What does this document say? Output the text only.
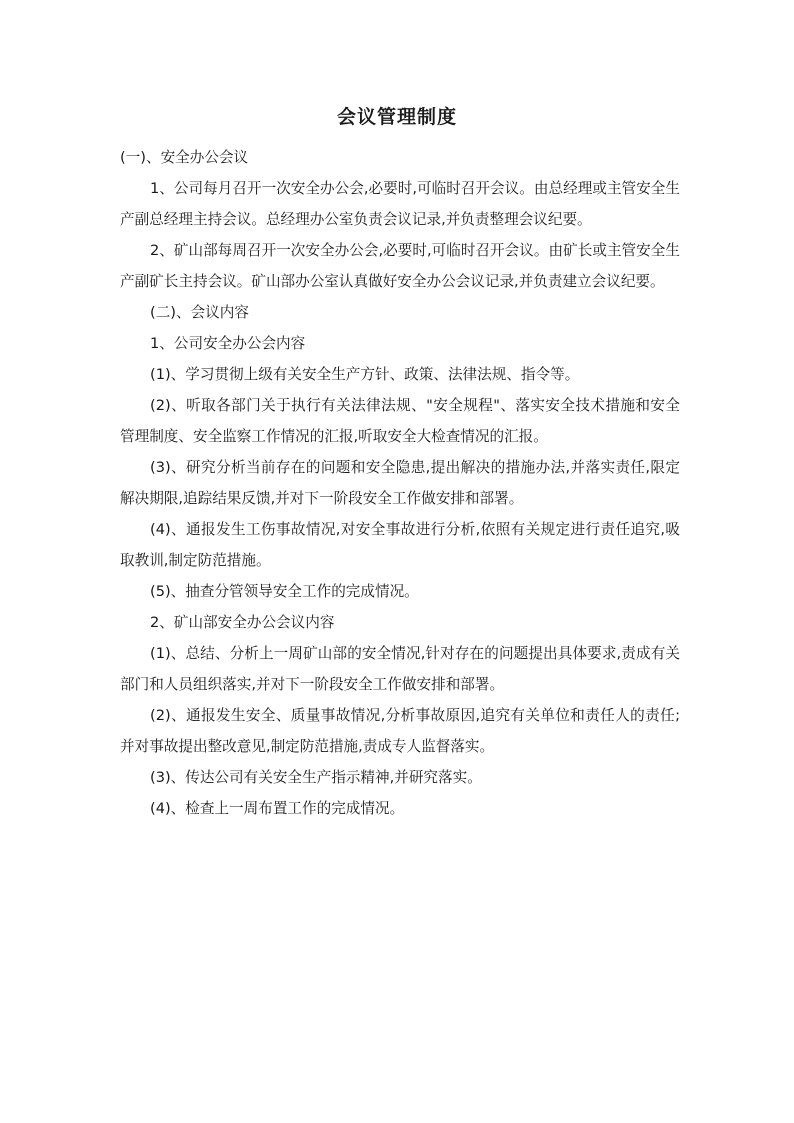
会议管理制度

(一)、安全办公会议

1、公司每月召开一次安全办公会,必要时,可临时召开会议。由总经理或主管安全生产副总经理主持会议。总经理办公室负责会议记录,并负责整理会议纪要。

2、矿山部每周召开一次安全办公会,必要时,可临时召开会议。由矿长或主管安全生产副矿长主持会议。矿山部办公室认真做好安全办公会议记录,并负责建立会议纪要。

(二)、会议内容

1、公司安全办公会内容

(1)、学习贯彻上级有关安全生产方针、政策、法律法规、指令等。

(2)、听取各部门关于执行有关法律法规、"安全规程"、落实安全技术措施和安全管理制度、安全监察工作情况的汇报,听取安全大检查情况的汇报。

(3)、研究分析当前存在的问题和安全隐患,提出解决的措施办法,并落实责任,限定解决期限,追踪结果反馈,并对下一阶段安全工作做安排和部署。

(4)、通报发生工伤事故情况,对安全事故进行分析,依照有关规定进行责任追究,吸取教训,制定防范措施。

(5)、抽查分管领导安全工作的完成情况。

2、矿山部安全办公会议内容

(1)、总结、分析上一周矿山部的安全情况,针对存在的问题提出具体要求,责成有关部门和人员组织落实,并对下一阶段安全工作做安排和部署。

(2)、通报发生安全、质量事故情况,分析事故原因,追究有关单位和责任人的责任;并对事故提出整改意见,制定防范措施,责成专人监督落实。

(3)、传达公司有关安全生产指示精神,并研究落实。

(4)、检查上一周布置工作的完成情况。
